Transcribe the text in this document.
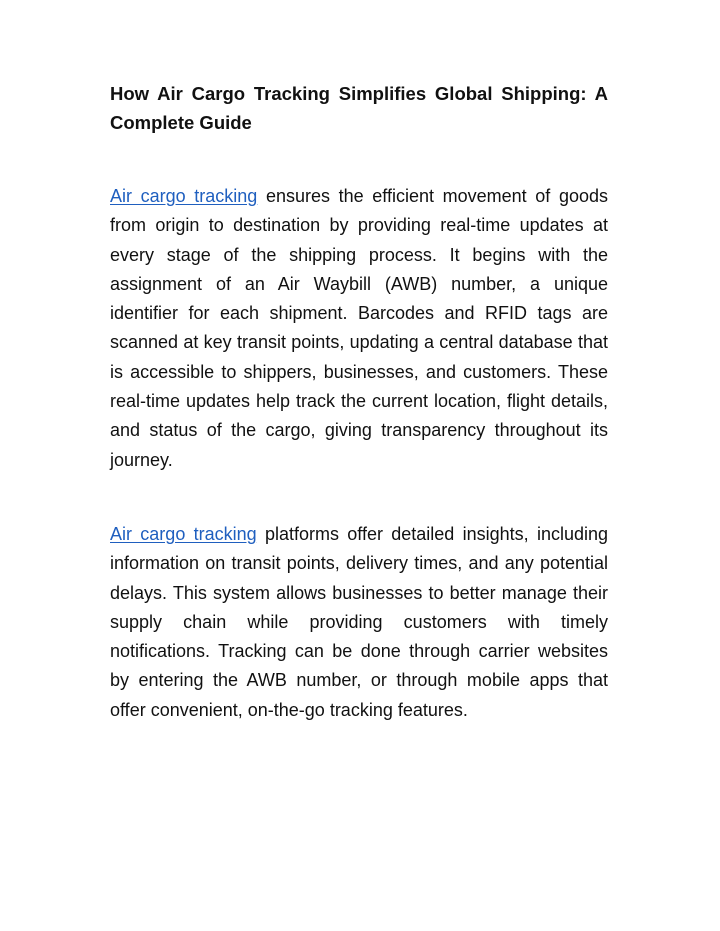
How Air Cargo Tracking Simplifies Global Shipping: A Complete Guide

Air cargo tracking ensures the efficient movement of goods from origin to destination by providing real-time updates at every stage of the shipping process. It begins with the assignment of an Air Waybill (AWB) number, a unique identifier for each shipment. Barcodes and RFID tags are scanned at key transit points, updating a central database that is accessible to shippers, businesses, and customers. These real-time updates help track the current location, flight details, and status of the cargo, giving transparency throughout its journey.

Air cargo tracking platforms offer detailed insights, including information on transit points, delivery times, and any potential delays. This system allows businesses to better manage their supply chain while providing customers with timely notifications. Tracking can be done through carrier websites by entering the AWB number, or through mobile apps that offer convenient, on-the-go tracking features.
